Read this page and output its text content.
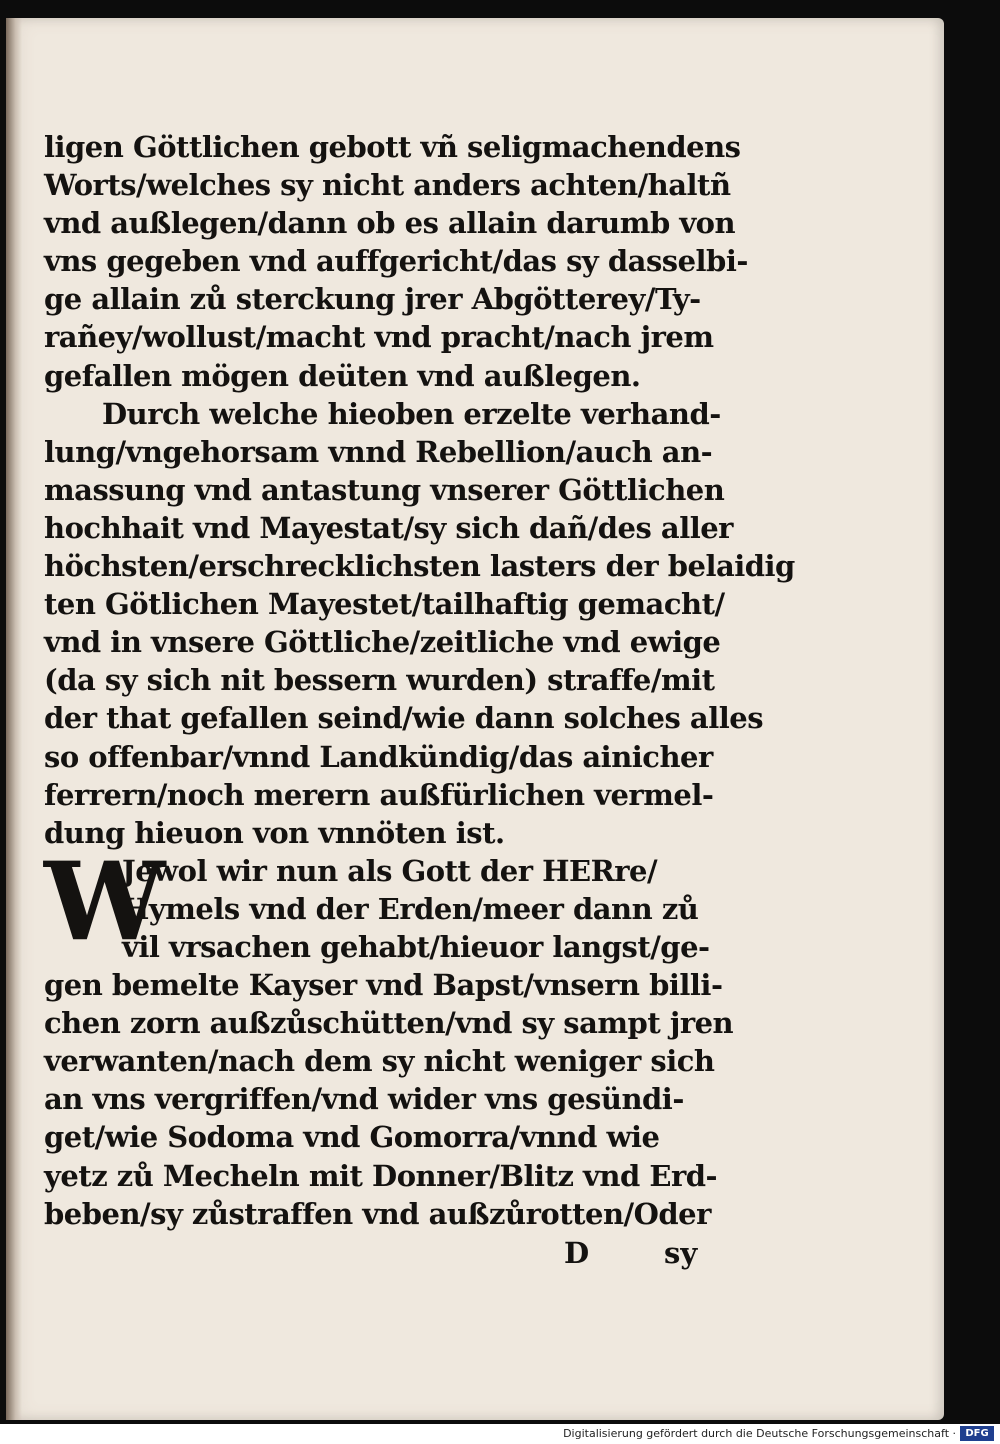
ligen Göttlichen gebott vñ seligmachendens
Worts/welches sy nicht anders achten/haltñ
vnd außlegen/dann ob es allain darumb von
vns gegeben vnd auffgericht/das sy dasselbi-
ge allain zů sterckung jrer Abgötterey/Ty-
rañey/wollust/macht vnd pracht/nach jrem
gefallen mögen deüten vnd außlegen.
Durch welche hieoben erzelte verhand-
lung/vngehorsam vnnd Rebellion/auch an-
massung vnd antastung vnserer Göttlichen
hochhait vnd Mayestat/sy sich dañ/des aller
höchsten/erschrecklichsten lasters der belaidig
ten Götlichen Mayestet/tailhaftig gemacht/
vnd in vnsere Göttliche/zeitliche vnd ewige
(da sy sich nit bessern wurden) straffe/mit
der that gefallen seind/wie dann solches alles
so offenbar/vnnd Landkündig/das ainicher
ferrern/noch merern außfürlichen vermel-
dung hieuon von vnnöten ist.
W
Jewol wir nun als Gott der HERre/
Hymels vnd der Erden/meer dann zů
vil vrsachen gehabt/hieuor langst/ge-
gen bemelte Kayser vnd Bapst/vnsern billi-
chen zorn außzůschütten/vnd sy sampt jren
verwanten/nach dem sy nicht weniger sich
an vns vergriffen/vnd wider vns gesündi-
get/wie Sodoma vnd Gomorra/vnnd wie
yetz zů Mecheln mit Donner/Blitz vnd Erd-
beben/sy zůstraffen vnd außzůrotten/Oder
D	sy
Digitalisierung gefördert durch die Deutsche Forschungsgemeinschaft · DFG
